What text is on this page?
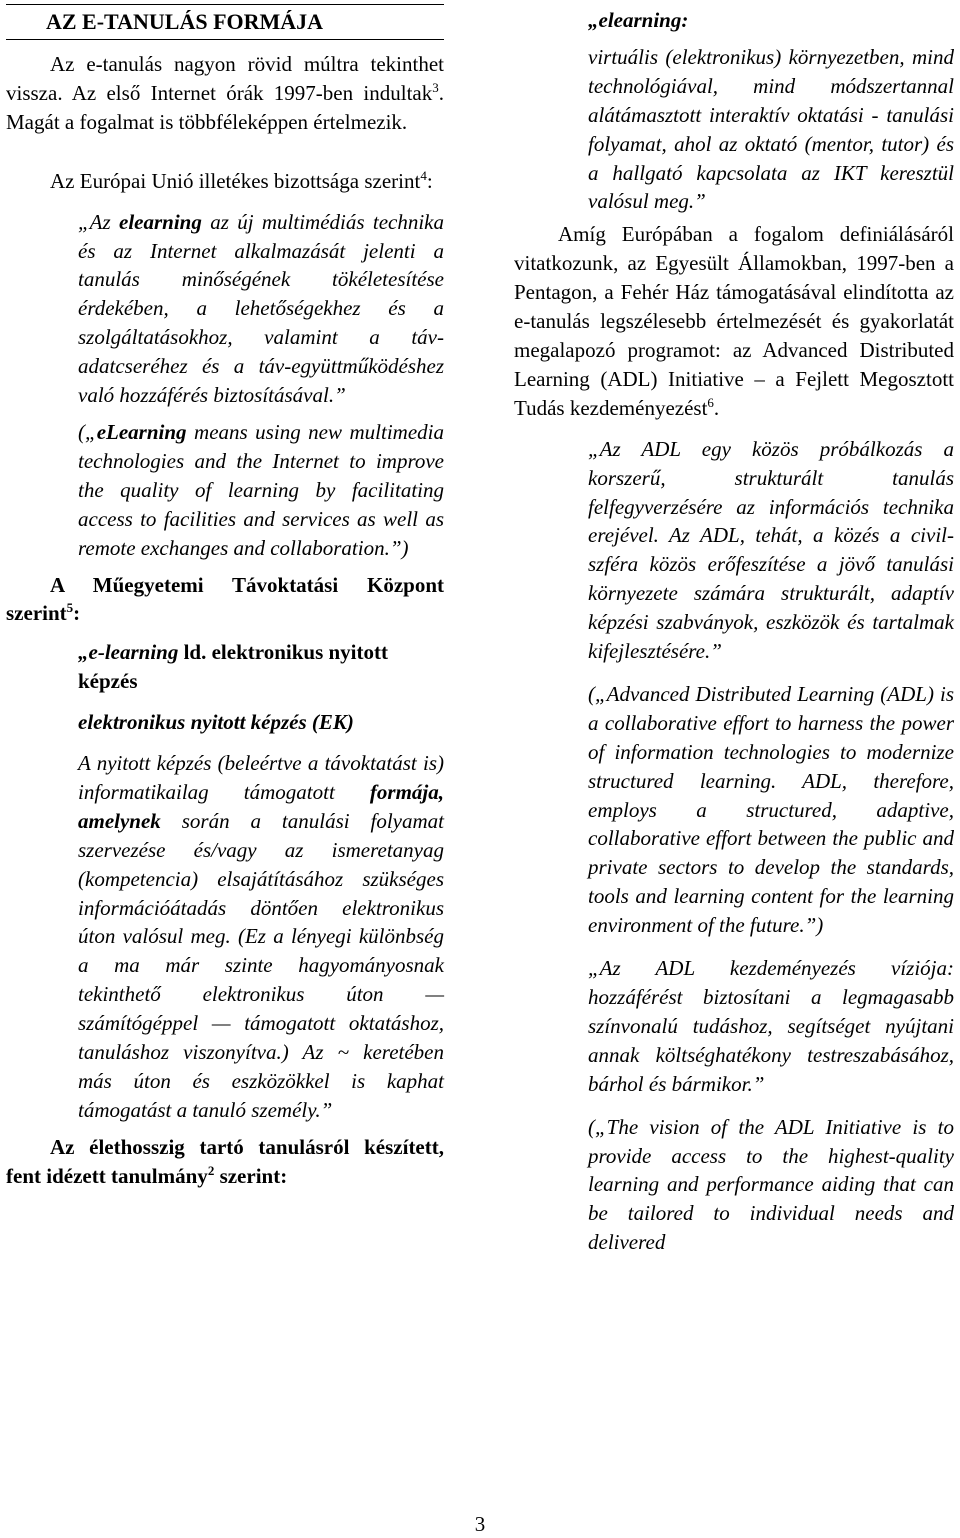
AZ E-TANULÁS FORMÁJA

Az e-tanulás nagyon rövid múltra tekinthet vissza. Az első Internet órák 1997-ben indultak$^3$. Magát a fogalmat is többféleképpen értelmezik.

Az Európai Unió illetékes bizottsága szerint$^4$:

„Az elearning az új multimédiás technika és az Internet alkalmazását jelenti a tanulás minőségének tökéletesítése érdekében, a lehetőségekhez és a szolgáltatásokhoz, valamint a táv-adatcseréhez és a táv-együttműködéshez való hozzáférés biztosításával.”

(„eLearning means using new multimedia technologies and the Internet to improve the quality of learning by facilitating access to facilities and services as well as remote exchanges and collaboration.”)

A Műegyetemi Távoktatási Központ szerint$^5$:

„e-learning ld. elektronikus nyitott képzés

elektronikus nyitott képzés (EK)

A nyitott képzés (beleértve a távoktatást is) informatikailag támogatott formája, amelynek során a tanulási folyamat szervezése és/vagy az ismeretanyag (kompetencia) elsajátításához szükséges információátadás döntően elektronikus úton valósul meg. (Ez a lényegi különbség a ma már szinte hagyományosnak tekinthető elektronikus úton — számítógéppel — támogatott oktatáshoz, tanuláshoz viszonyítva.) Az ~ keretében más úton és eszközökkel is kaphat támogatást a tanuló személy.”

Az élethosszig tartó tanulásról készített, fent idézett tanulmány$^2$ szerint:

„elearning:

virtuális (elektronikus) környezetben, mind technológiával, mind módszertannal alátámasztott interaktív oktatási - tanulási folyamat, ahol az oktató (mentor, tutor) és a hallgató kapcsolata az IKT keresztül valósul meg.”

Amíg Európában a fogalom definiálásáról vitatkozunk, az Egyesült Államokban, 1997-ben a Pentagon, a Fehér Ház támogatásával elindította az e-tanulás legszélesebb értelmezését és gyakorlatát megalapozó programot: az Advanced Distributed Learning (ADL) Initiative – a Fejlett Megosztott Tudás kezdeményezést$^6$.

„Az ADL egy közös próbálkozás a korszerű, strukturált tanulás felfegyverzésére az információs technika erejével. Az ADL, tehát, a közés a civil-szféra közös erőfeszítése a jövő tanulási környezete számára strukturált, adaptív képzési szabványok, eszközök és tartalmak kifejlesztésére.”

(„Advanced Distributed Learning (ADL) is a collaborative effort to harness the power of information technologies to modernize structured learning. ADL, therefore, employs a structured, adaptive, collaborative effort between the public and private sectors to develop the standards, tools and learning content for the learning environment of the future.”)

„Az ADL kezdeményezés víziója: hozzáférést biztosítani a legmagasabb színvonalú tudáshoz, segítséget nyújtani annak költséghatékony testreszabásához, bárhol és bármikor.”

(„The vision of the ADL Initiative is to provide access to the highest-quality learning and performance aiding that can be tailored to individual needs and delivered

3
